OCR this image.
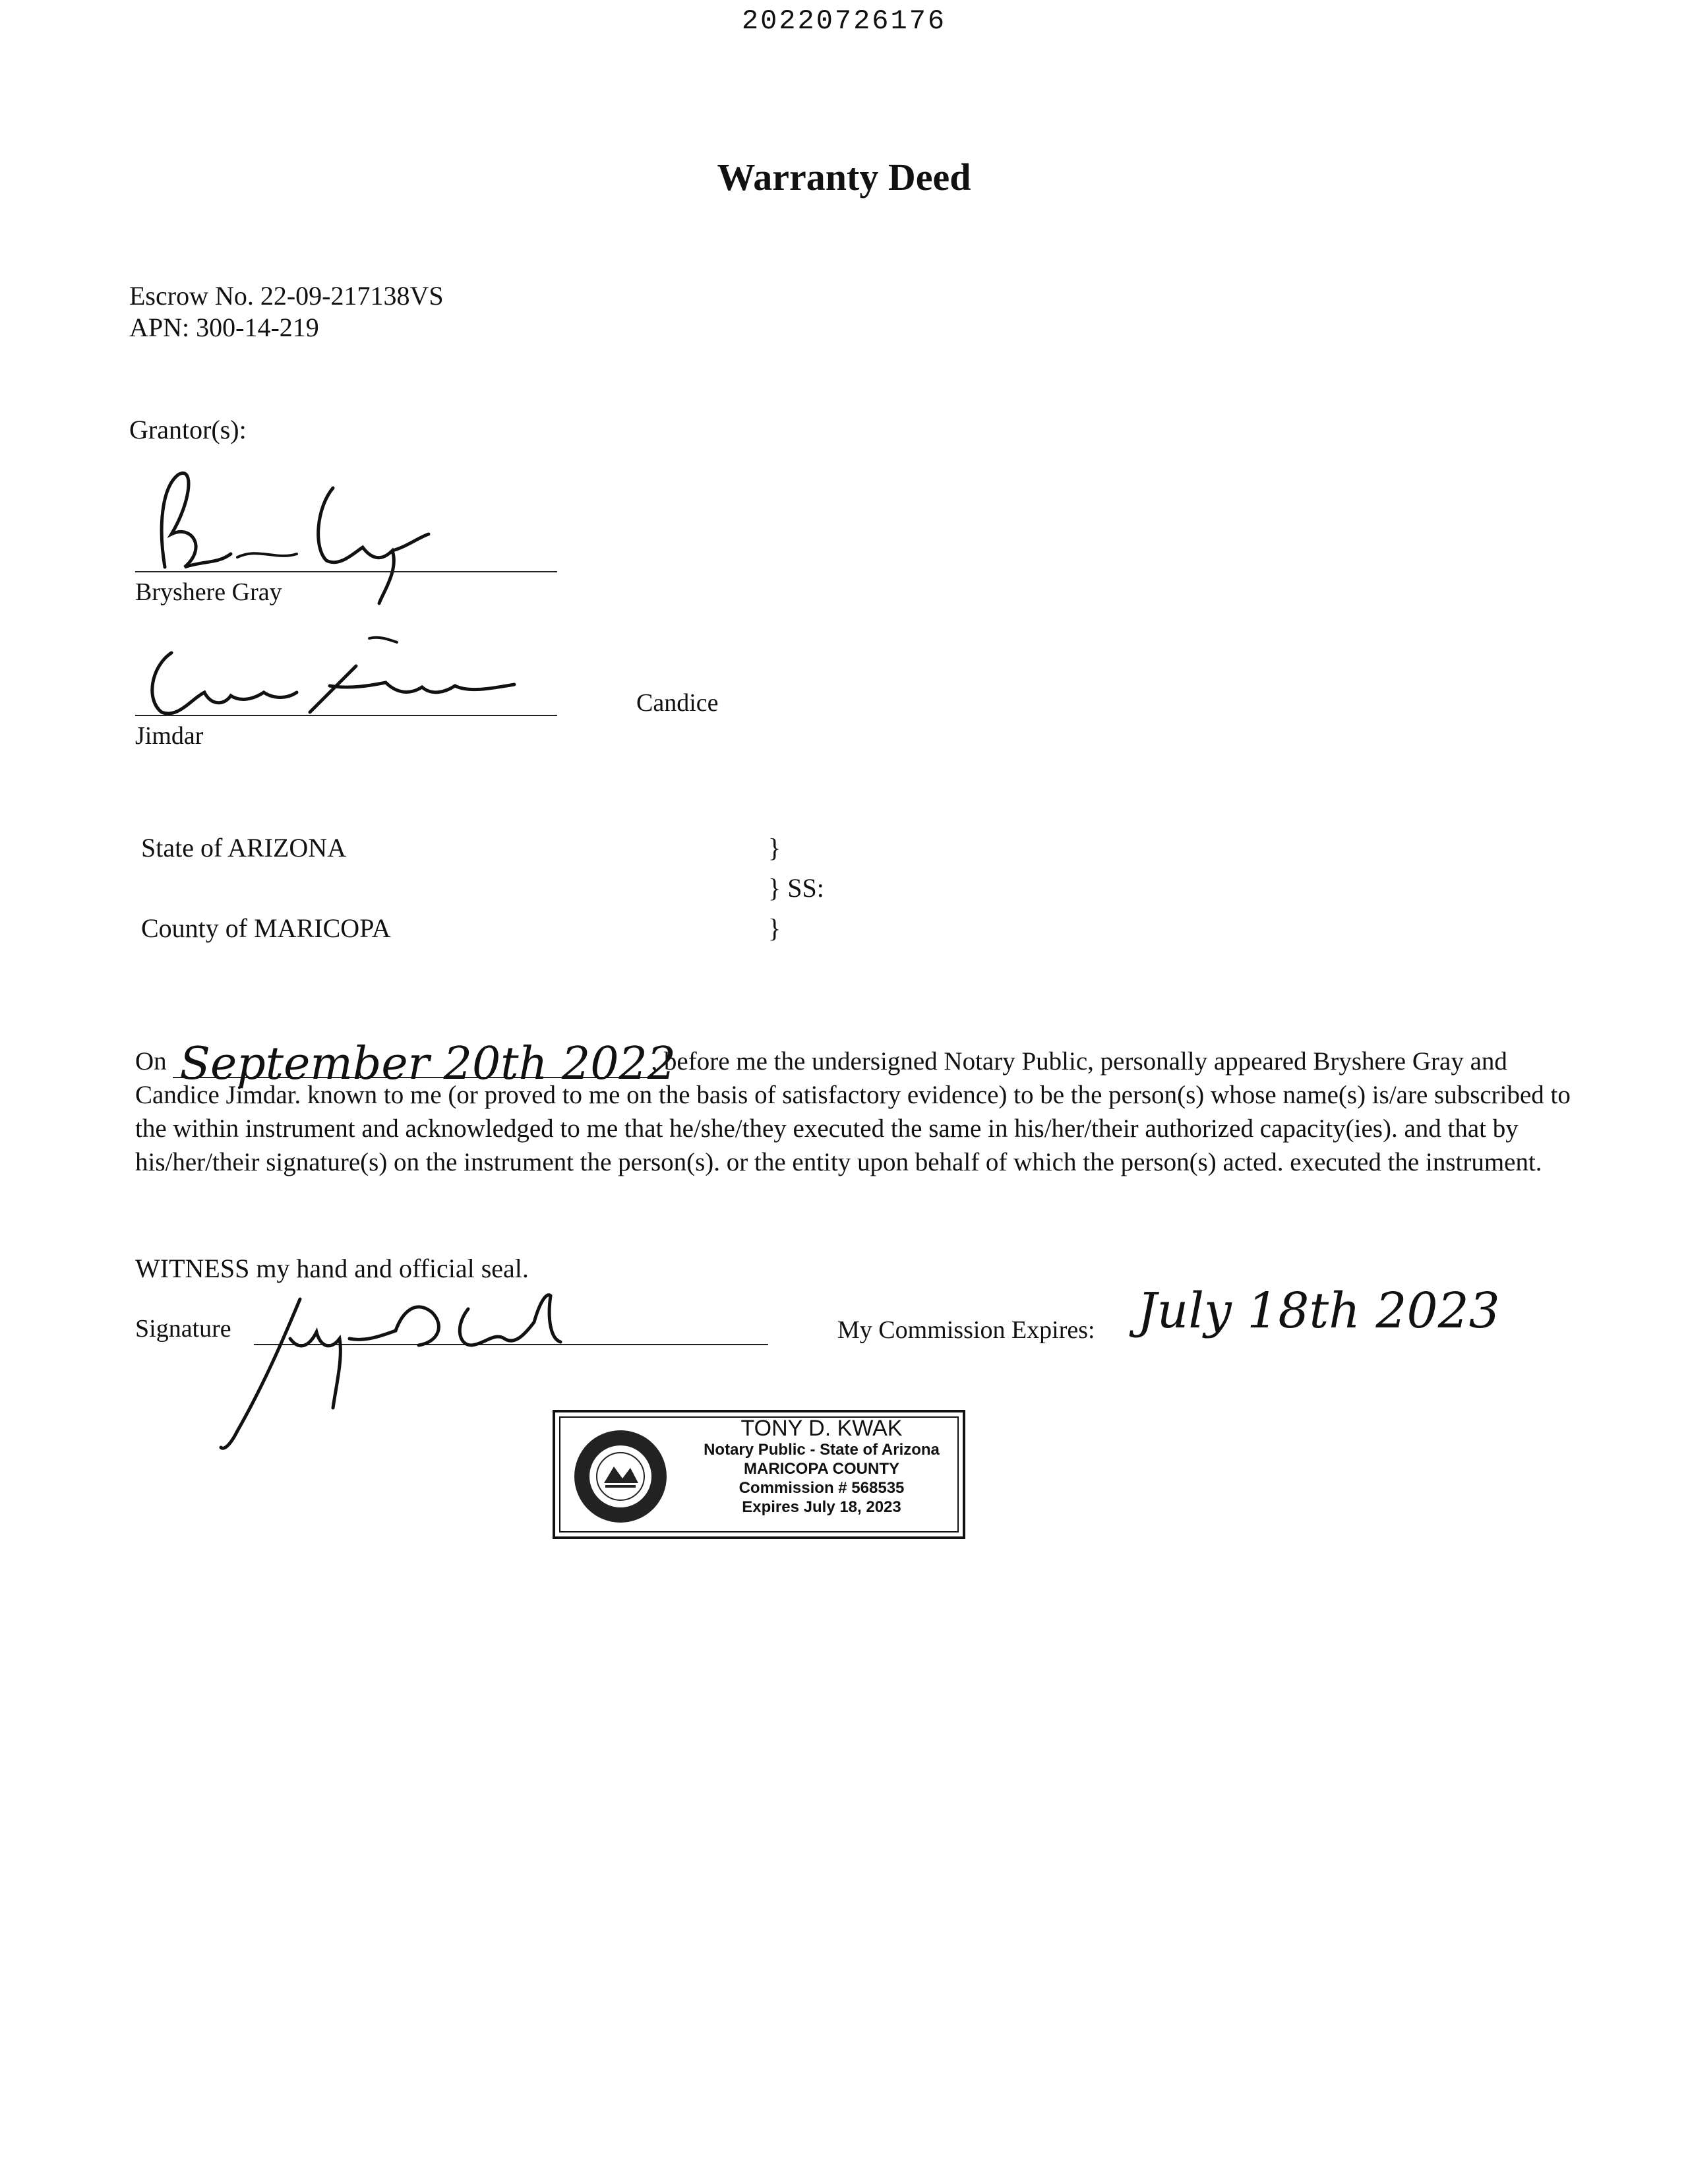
20220726176
Warranty Deed
Escrow No. 22-09-217138VS
APN: 300-14-219
Grantor(s):
Bryshere Gray
Candice
Jimdar
State of ARIZONA	}
} SS:
County of MARICOPA	}
On September 20th 2022
, before me the undersigned Notary Public, personally appeared Bryshere Gray and Candice Jimdar. known to me (or proved to me on the basis of satisfactory evidence) to be the person(s) whose name(s) is/are subscribed to the within instrument and acknowledged to me that he/she/they executed the same in his/her/their authorized capacity(ies). and that by his/her/their signature(s) on the instrument the person(s). or the entity upon behalf of which the person(s) acted. executed the instrument.
WITNESS my hand and official seal.
Signature	My Commission Expires: July 18th 2023
TONY D. KWAK
Notary Public - State of Arizona
MARICOPA COUNTY
Commission # 568535
Expires July 18, 2023
